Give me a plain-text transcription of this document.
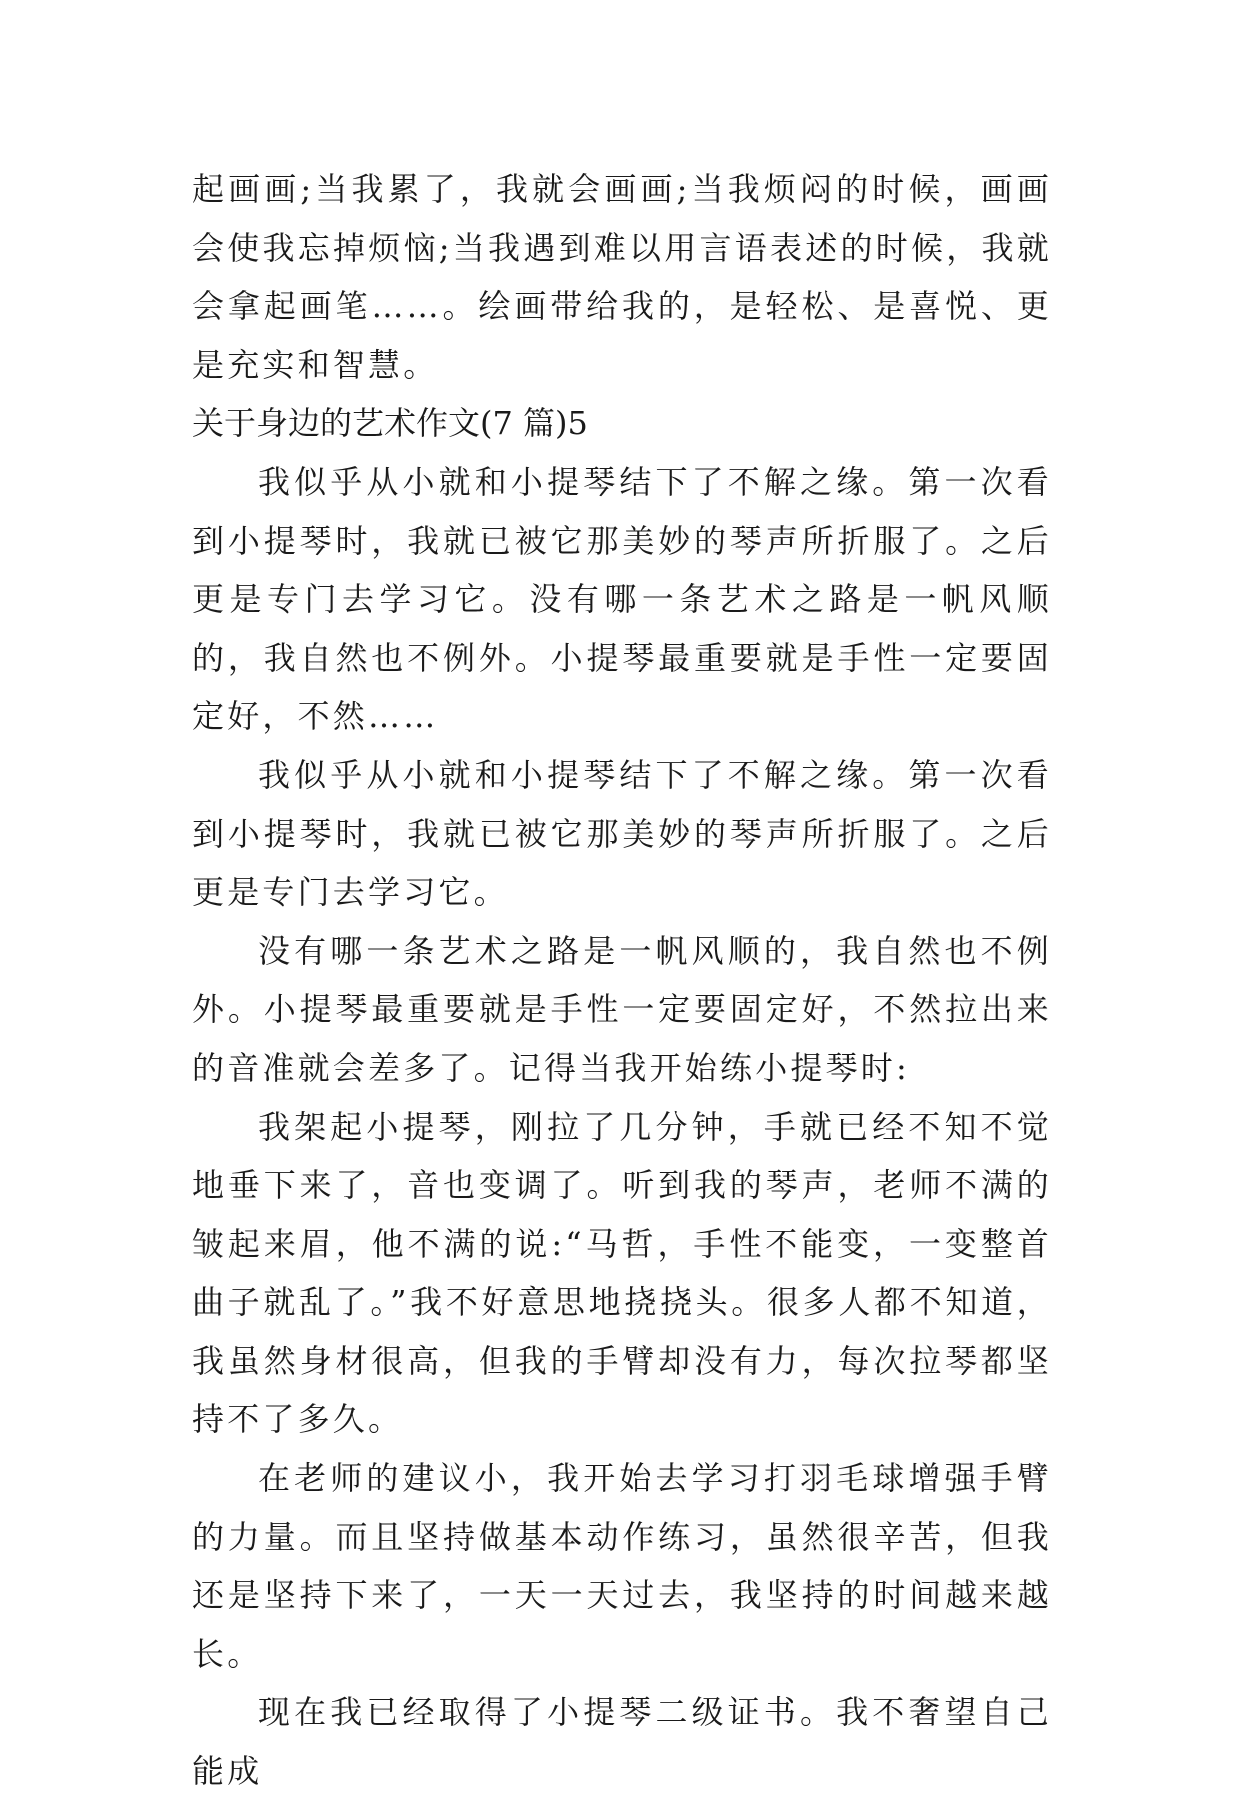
起画画;当我累了，我就会画画;当我烦闷的时候，画画会使我忘掉烦恼;当我遇到难以用言语表述的时候，我就会拿起画笔……。绘画带给我的，是轻松、是喜悦、更是充实和智慧。

关于身边的艺术作文(7 篇)5

我似乎从小就和小提琴结下了不解之缘。第一次看到小提琴时，我就已被它那美妙的琴声所折服了。之后更是专门去学习它。没有哪一条艺术之路是一帆风顺的，我自然也不例外。小提琴最重要就是手性一定要固定好，不然……

我似乎从小就和小提琴结下了不解之缘。第一次看到小提琴时，我就已被它那美妙的琴声所折服了。之后更是专门去学习它。

没有哪一条艺术之路是一帆风顺的，我自然也不例外。小提琴最重要就是手性一定要固定好，不然拉出来的音准就会差多了。记得当我开始练小提琴时:

我架起小提琴，刚拉了几分钟，手就已经不知不觉地垂下来了，音也变调了。听到我的琴声，老师不满的皱起来眉，他不满的说:“马哲，手性不能变，一变整首曲子就乱了。”我不好意思地挠挠头。很多人都不知道，我虽然身材很高，但我的手臂却没有力，每次拉琴都坚持不了多久。

在老师的建议小，我开始去学习打羽毛球增强手臂的力量。而且坚持做基本动作练习，虽然很辛苦，但我还是坚持下来了，一天一天过去，我坚持的时间越来越长。

现在我已经取得了小提琴二级证书。我不奢望自己能成
